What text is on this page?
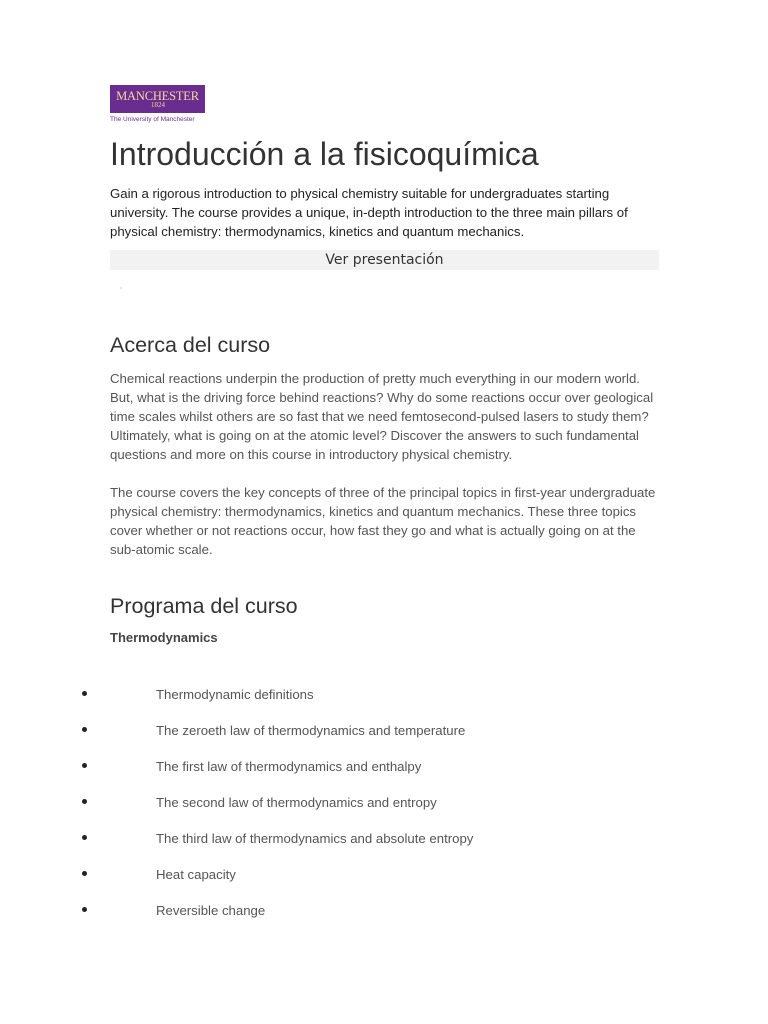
MANCHESTER
1824
The University of Manchester
Introducción a la fisicoquímica

Gain a rigorous introduction to physical chemistry suitable for undergraduates starting university. The course provides a unique, in-depth introduction to the three main pillars of physical chemistry: thermodynamics, kinetics and quantum mechanics.

Ver presentación
Acerca del curso

Chemical reactions underpin the production of pretty much everything in our modern world. But, what is the driving force behind reactions? Why do some reactions occur over geological time scales whilst others are so fast that we need femtosecond-pulsed lasers to study them? Ultimately, what is going on at the atomic level? Discover the answers to such fundamental questions and more on this course in introductory physical chemistry.

The course covers the key concepts of three of the principal topics in first-year undergraduate physical chemistry: thermodynamics, kinetics and quantum mechanics. These three topics cover whether or not reactions occur, how fast they go and what is actually going on at the sub-atomic scale.

Programa del curso

Thermodynamics

Thermodynamic definitions
The zeroeth law of thermodynamics and temperature
The first law of thermodynamics and enthalpy
The second law of thermodynamics and entropy
The third law of thermodynamics and absolute entropy
Heat capacity
Reversible change
